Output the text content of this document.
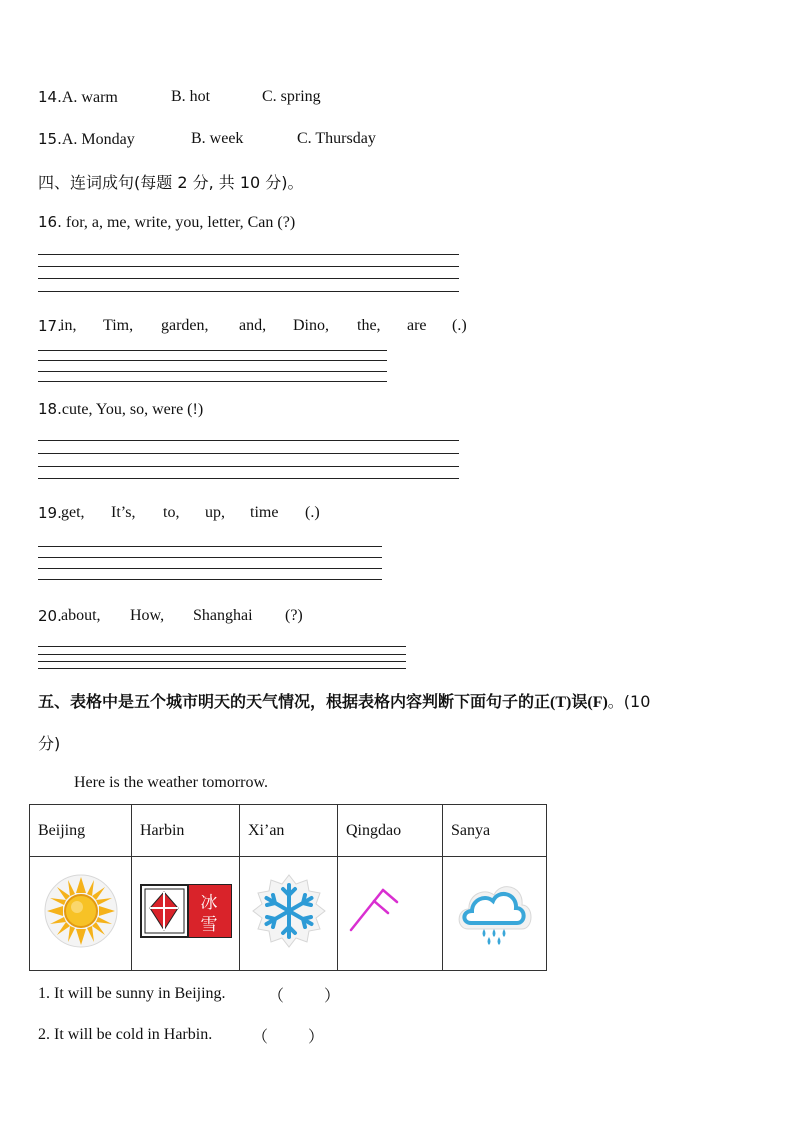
14.A. warm	B. hot	C. spring
15.A. Monday	B. week	C. Thursday
四、连词成句(每题 2 分, 共 10 分)。
16. for, a, me, write, you, letter, Can (?)
17.
in, Tim, garden, and, Dino, the, are (.)
18.cute, You, so, were (!)
19. get, It’s, to, up, time (.)
20. about, How, Shanghai (?)
五、表格中是五个城市明天的天气情况，根据表格内容判断下面句子的正(T)误(F)。(10
分)
Here is the weather tomorrow.
Beijing	Harbin	Xi’an	Qingdao	Sanya

冰
雪

1. It will be sunny in Beijing.	（	）
2. It will be cold in Harbin. （	）
